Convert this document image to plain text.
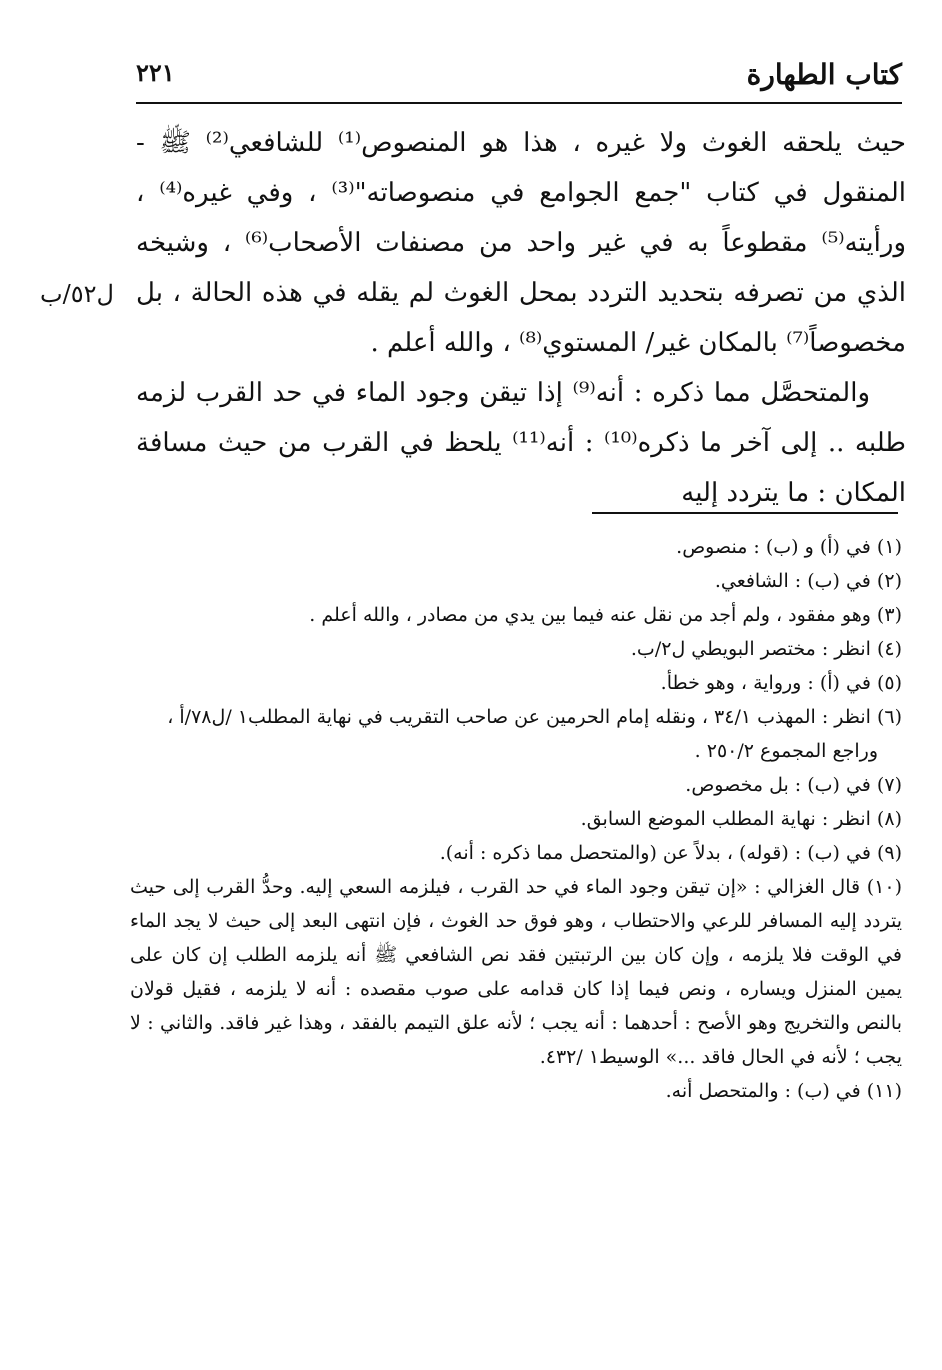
كتاب الطهارة
٢٢١
ل٥٢/ب

حيث يلحقه الغوث ولا غيره ، هذا هو المنصوص⁽¹⁾ للشافعي⁽²⁾ ﷺ - المنقول في كتاب "جمع الجوامع في منصوصاته"⁽³⁾ ، وفي غيره⁽⁴⁾ ، ورأيته⁽⁵⁾ مقطوعاً به في غير واحد من مصنفات الأصحاب⁽⁶⁾ ، وشيخه الذي من تصرفه بتحديد التردد بمحل الغوث لم يقله في هذه الحالة ، بل مخصوصاً⁽⁷⁾ بالمكان غير/ المستوي⁽⁸⁾ ، والله أعلم .

والمتحصَّل مما ذكره : أنه⁽⁹⁾ إذا تيقن وجود الماء في حد القرب لزمه طلبه .. إلى آخر ما ذكره⁽¹⁰⁾ : أنه⁽¹¹⁾ يلحظ في القرب من حيث مسافة المكان : ما يتردد إليه

(١) في (أ) و (ب) : منصوص.

(٢) في (ب) : الشافعي.

(٣) وهو مفقود ، ولم أجد من نقل عنه فيما بين يدي من مصادر ، والله أعلم .

(٤) انظر : مختصر البويطي ل٢/ب.

(٥) في (أ) : ورواية ، وهو خطأ.

(٦) انظر : المهذب ٣٤/١ ، ونقله إمام الحرمين عن صاحب التقريب في نهاية المطلب١ /ل٧٨/أ ،
وراجع المجموع ٢٥٠/٢ .

(٧) في (ب) : بل مخصوص.

(٨) انظر : نهاية المطلب الموضع السابق.

(٩) في (ب) : (قوله) ، بدلاً عن (والمتحصل مما ذكره : أنه).

(١٠) قال الغزالي : «إن تيقن وجود الماء في حد القرب ، فيلزمه السعي إليه. وحدُّ القرب إلى حيث يتردد إليه المسافر للرعي والاحتطاب ، وهو فوق حد الغوث ، فإن انتهى البعد إلى حيث لا يجد الماء في الوقت فلا يلزمه ، وإن كان بين الرتبتين فقد نص الشافعي ﷺ أنه يلزمه الطلب إن كان على يمين المنزل ويساره ، ونص فيما إذا كان قدامه على صوب مقصده : أنه لا يلزمه ، فقيل قولان بالنص والتخريج وهو الأصح : أحدهما : أنه يجب ؛ لأنه علق التيمم بالفقد ، وهذا غير فاقد. والثاني : لا يجب ؛ لأنه في الحال فاقد ...» الوسيط١ /٤٣٢.

(١١) في (ب) : والمتحصل أنه.
